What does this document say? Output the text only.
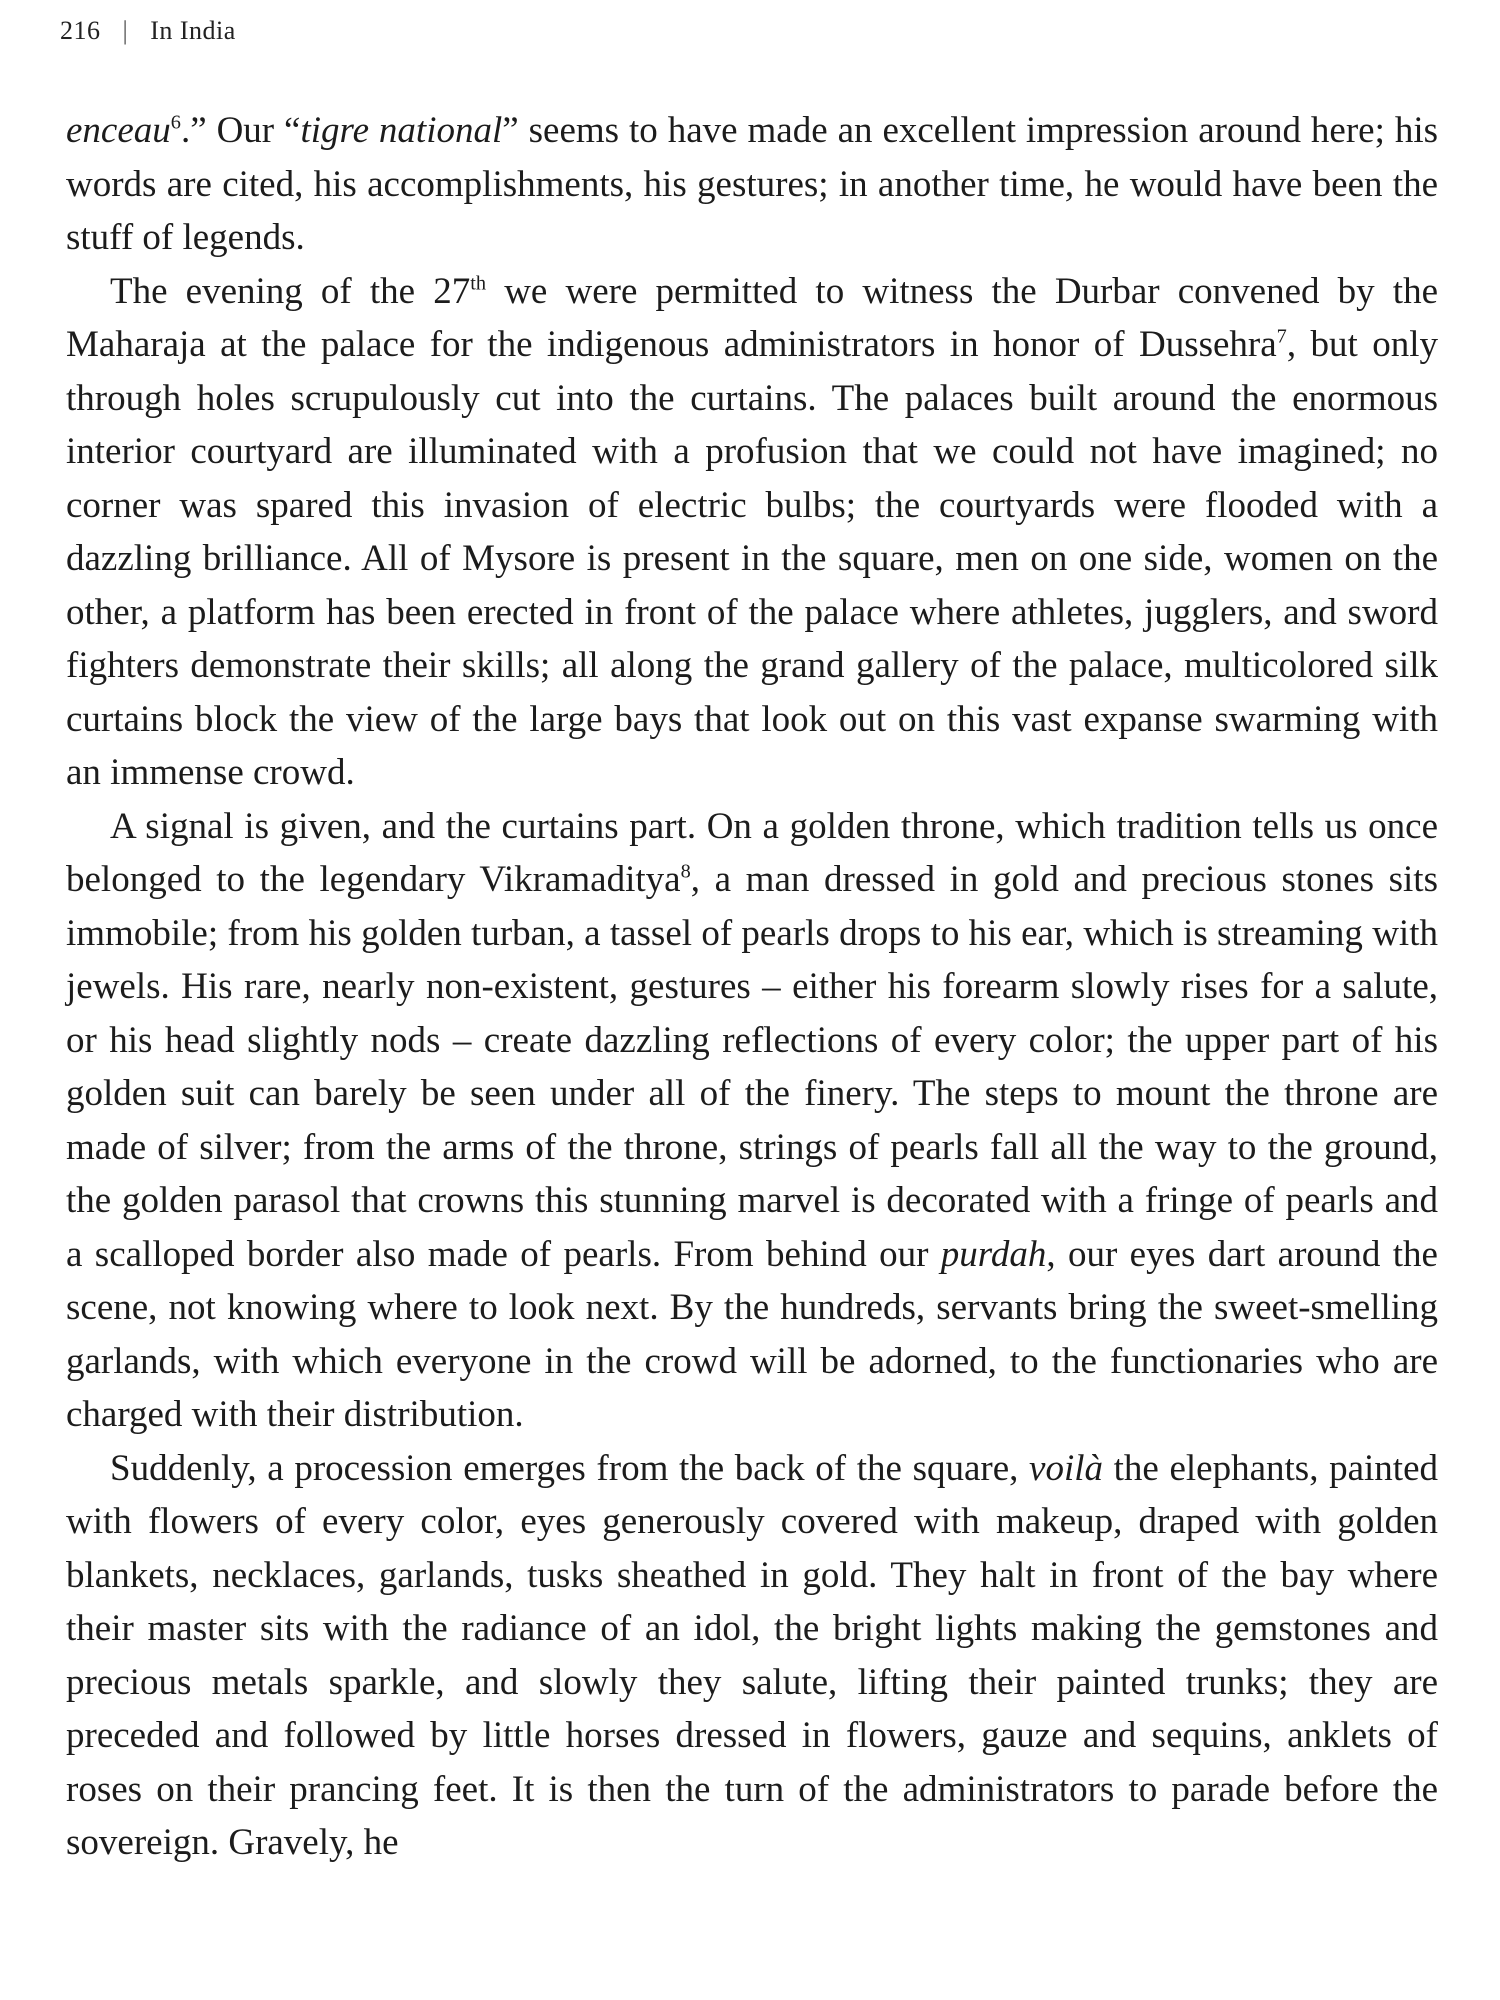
216 | In India

enceau$^6$.” Our “tigre national” seems to have made an excellent impression around here; his words are cited, his accomplishments, his gestures; in another time, he would have been the stuff of legends.

The evening of the 27th we were permitted to witness the Durbar convened by the Maharaja at the palace for the indigenous administrators in honor of Dussehra$^7$, but only through holes scrupulously cut into the curtains. The palaces built around the enormous interior courtyard are illuminated with a profusion that we could not have imagined; no corner was spared this invasion of electric bulbs; the courtyards were flooded with a dazzling brilliance. All of Mysore is present in the square, men on one side, women on the other, a platform has been erected in front of the palace where athletes, jugglers, and sword fighters demonstrate their skills; all along the grand gallery of the palace, multicolored silk curtains block the view of the large bays that look out on this vast expanse swarming with an immense crowd.

A signal is given, and the curtains part. On a golden throne, which tradition tells us once belonged to the legendary Vikramaditya$^8$, a man dressed in gold and precious stones sits immobile; from his golden turban, a tassel of pearls drops to his ear, which is streaming with jewels. His rare, nearly non-existent, gestures – either his forearm slowly rises for a salute, or his head slightly nods – create dazzling reflections of every color; the upper part of his golden suit can barely be seen under all of the finery. The steps to mount the throne are made of silver; from the arms of the throne, strings of pearls fall all the way to the ground, the golden parasol that crowns this stunning marvel is decorated with a fringe of pearls and a scalloped border also made of pearls. From behind our purdah, our eyes dart around the scene, not knowing where to look next. By the hundreds, servants bring the sweet-smelling garlands, with which everyone in the crowd will be adorned, to the functionaries who are charged with their distribution.

Suddenly, a procession emerges from the back of the square, voilà the elephants, painted with flowers of every color, eyes generously covered with makeup, draped with golden blankets, necklaces, garlands, tusks sheathed in gold. They halt in front of the bay where their master sits with the radiance of an idol, the bright lights making the gemstones and precious metals sparkle, and slowly they salute, lifting their painted trunks; they are preceded and followed by little horses dressed in flowers, gauze and sequins, anklets of roses on their prancing feet. It is then the turn of the administrators to parade before the sovereign. Gravely, he
